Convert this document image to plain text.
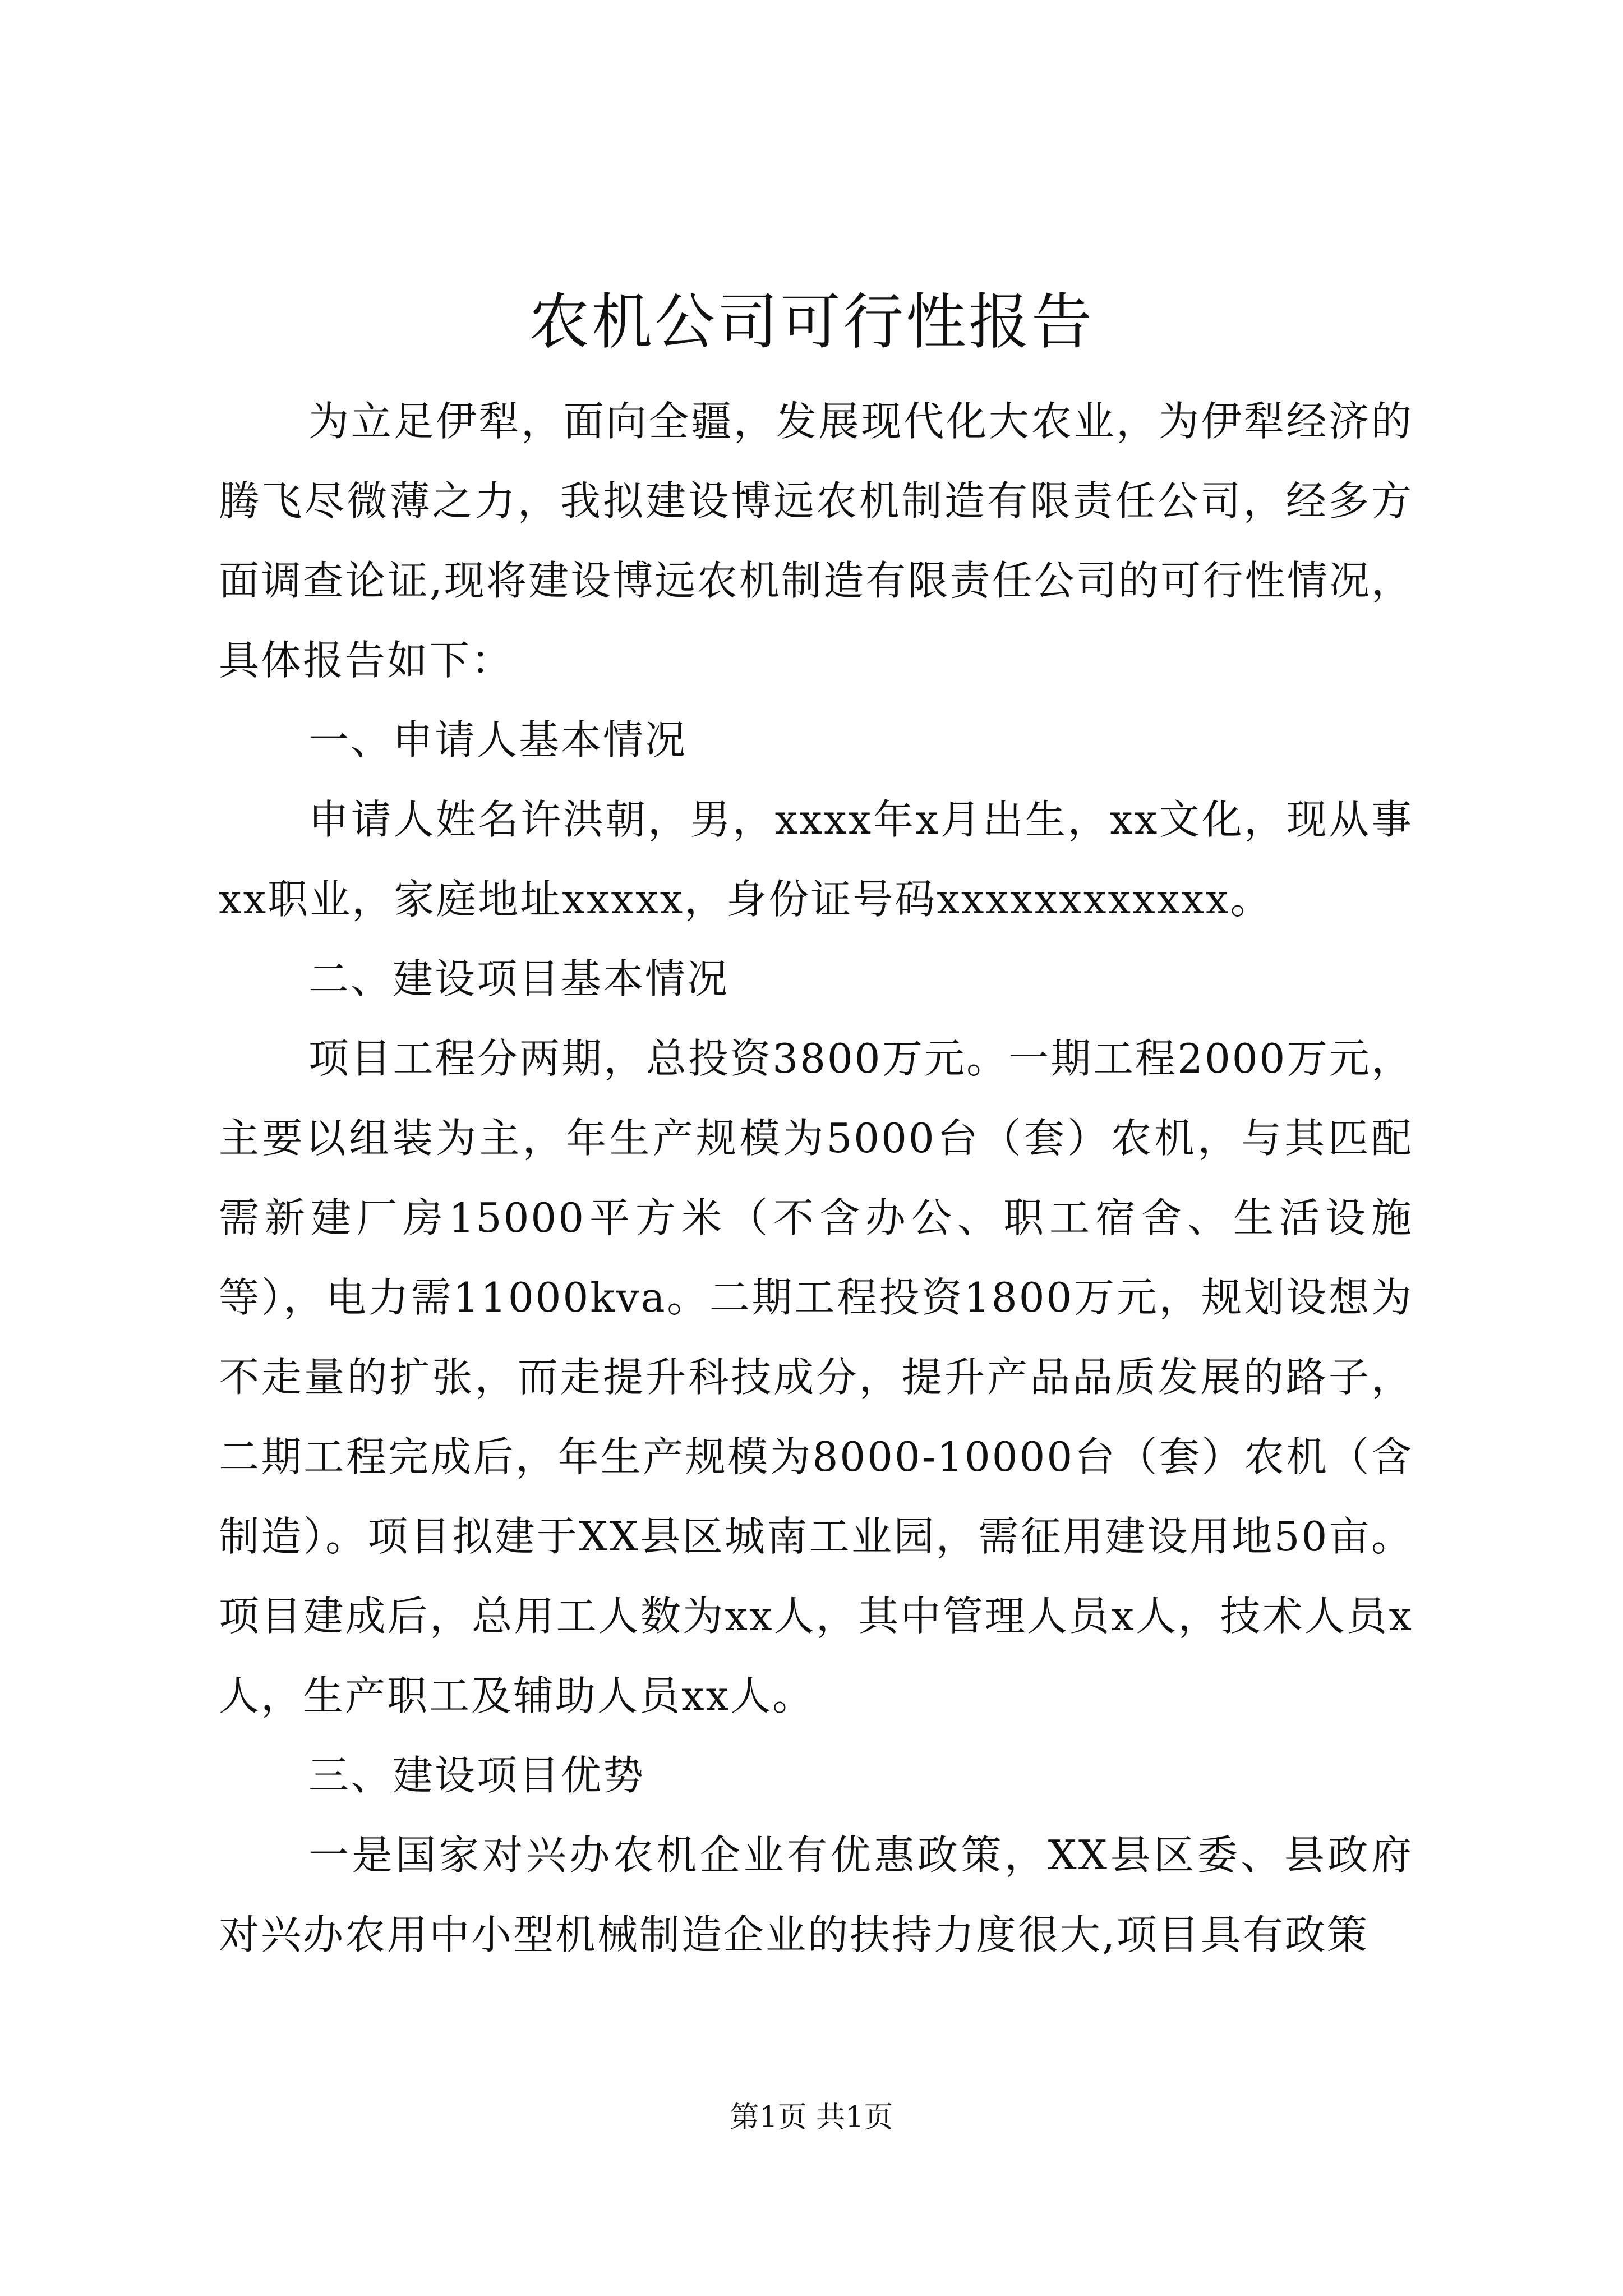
农机公司可行性报告

为立足伊犁，面向全疆，发展现代化大农业，为伊犁经济的腾飞尽微薄之力，我拟建设博远农机制造有限责任公司，经多方面调查论证,现将建设博远农机制造有限责任公司的可行性情况，具体报告如下：

一、申请人基本情况

申请人姓名许洪朝，男，xxxx年x月出生，xx文化，现从事xx职业，家庭地址xxxxx，身份证号码xxxxxxxxxxxx。

二、建设项目基本情况

项目工程分两期，总投资3800万元。一期工程2000万元，主要以组装为主，年生产规模为5000台（套）农机，与其匹配需新建厂房15000平方米（不含办公、职工宿舍、生活设施等），电力需11000kva。二期工程投资1800万元，规划设想为不走量的扩张，而走提升科技成分，提升产品品质发展的路子，二期工程完成后，年生产规模为8000-10000台（套）农机（含制造）。项目拟建于XX县区城南工业园，需征用建设用地50亩。项目建成后，总用工人数为xx人，其中管理人员x人，技术人员x人，生产职工及辅助人员xx人。

三、建设项目优势

一是国家对兴办农机企业有优惠政策，XX县区委、县政府对兴办农用中小型机械制造企业的扶持力度很大,项目具有政策

第1页 共1页
